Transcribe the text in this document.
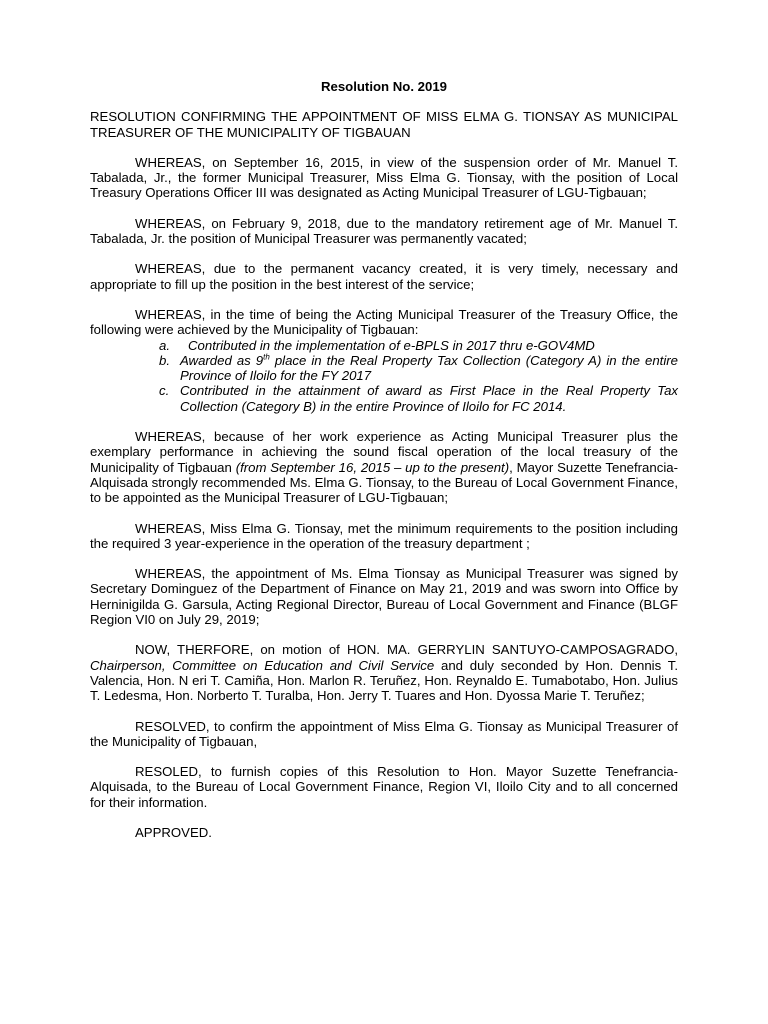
Resolution No. 2019

RESOLUTION CONFIRMING THE APPOINTMENT OF MISS ELMA G. TIONSAY AS MUNICIPAL TREASURER OF THE MUNICIPALITY OF TIGBAUAN

WHEREAS, on September 16, 2015, in view of the suspension order of Mr. Manuel T. Tabalada, Jr., the former Municipal Treasurer, Miss Elma G. Tionsay, with the position of Local Treasury Operations Officer III was designated as Acting Municipal Treasurer of LGU-Tigbauan;

WHEREAS, on February 9, 2018, due to the mandatory retirement age of Mr. Manuel T. Tabalada, Jr. the position of Municipal Treasurer was permanently vacated;

WHEREAS, due to the permanent vacancy created, it is very timely, necessary and appropriate to fill up the position in the best interest of the service;

WHEREAS, in the time of being the Acting Municipal Treasurer of the Treasury Office, the following were achieved by the Municipality of Tigbauan:

a. Contributed in the implementation of e-BPLS in 2017 thru e-GOV4MD
b. Awarded as 9th place in the Real Property Tax Collection (Category A) in the entire Province of Iloilo for the FY 2017
c. Contributed in the attainment of award as First Place in the Real Property Tax Collection (Category B) in the entire Province of Iloilo for FC 2014.

WHEREAS, because of her work experience as Acting Municipal Treasurer plus the exemplary performance in achieving the sound fiscal operation of the local treasury of the Municipality of Tigbauan (from September 16, 2015 – up to the present), Mayor Suzette Tenefrancia-Alquisada strongly recommended Ms. Elma G. Tionsay, to the Bureau of Local Government Finance, to be appointed as the Municipal Treasurer of LGU-Tigbauan;

WHEREAS, Miss Elma G. Tionsay, met the minimum requirements to the position including the required 3 year-experience in the operation of the treasury department ;

WHEREAS, the appointment of Ms. Elma Tionsay as Municipal Treasurer was signed by Secretary Dominguez of the Department of Finance on May 21, 2019 and was sworn into Office by Herninigilda G. Garsula, Acting Regional Director, Bureau of Local Government and Finance (BLGF Region VI0 on July 29, 2019;

NOW, THERFORE, on motion of HON. MA. GERRYLIN SANTUYO-CAMPOSAGRADO, Chairperson, Committee on Education and Civil Service and duly seconded by Hon. Dennis T. Valencia, Hon. N eri T. Camiña, Hon. Marlon R. Teruñez, Hon. Reynaldo E. Tumabotabo, Hon. Julius T. Ledesma, Hon. Norberto T. Turalba, Hon. Jerry T. Tuares and Hon. Dyossa Marie T. Teruñez;

RESOLVED, to confirm the appointment of Miss Elma G. Tionsay as Municipal Treasurer of the Municipality of Tigbauan,

RESOLED, to furnish copies of this Resolution to Hon. Mayor Suzette Tenefrancia-Alquisada, to the Bureau of Local Government Finance, Region VI, Iloilo City and to all concerned for their information.

APPROVED.
